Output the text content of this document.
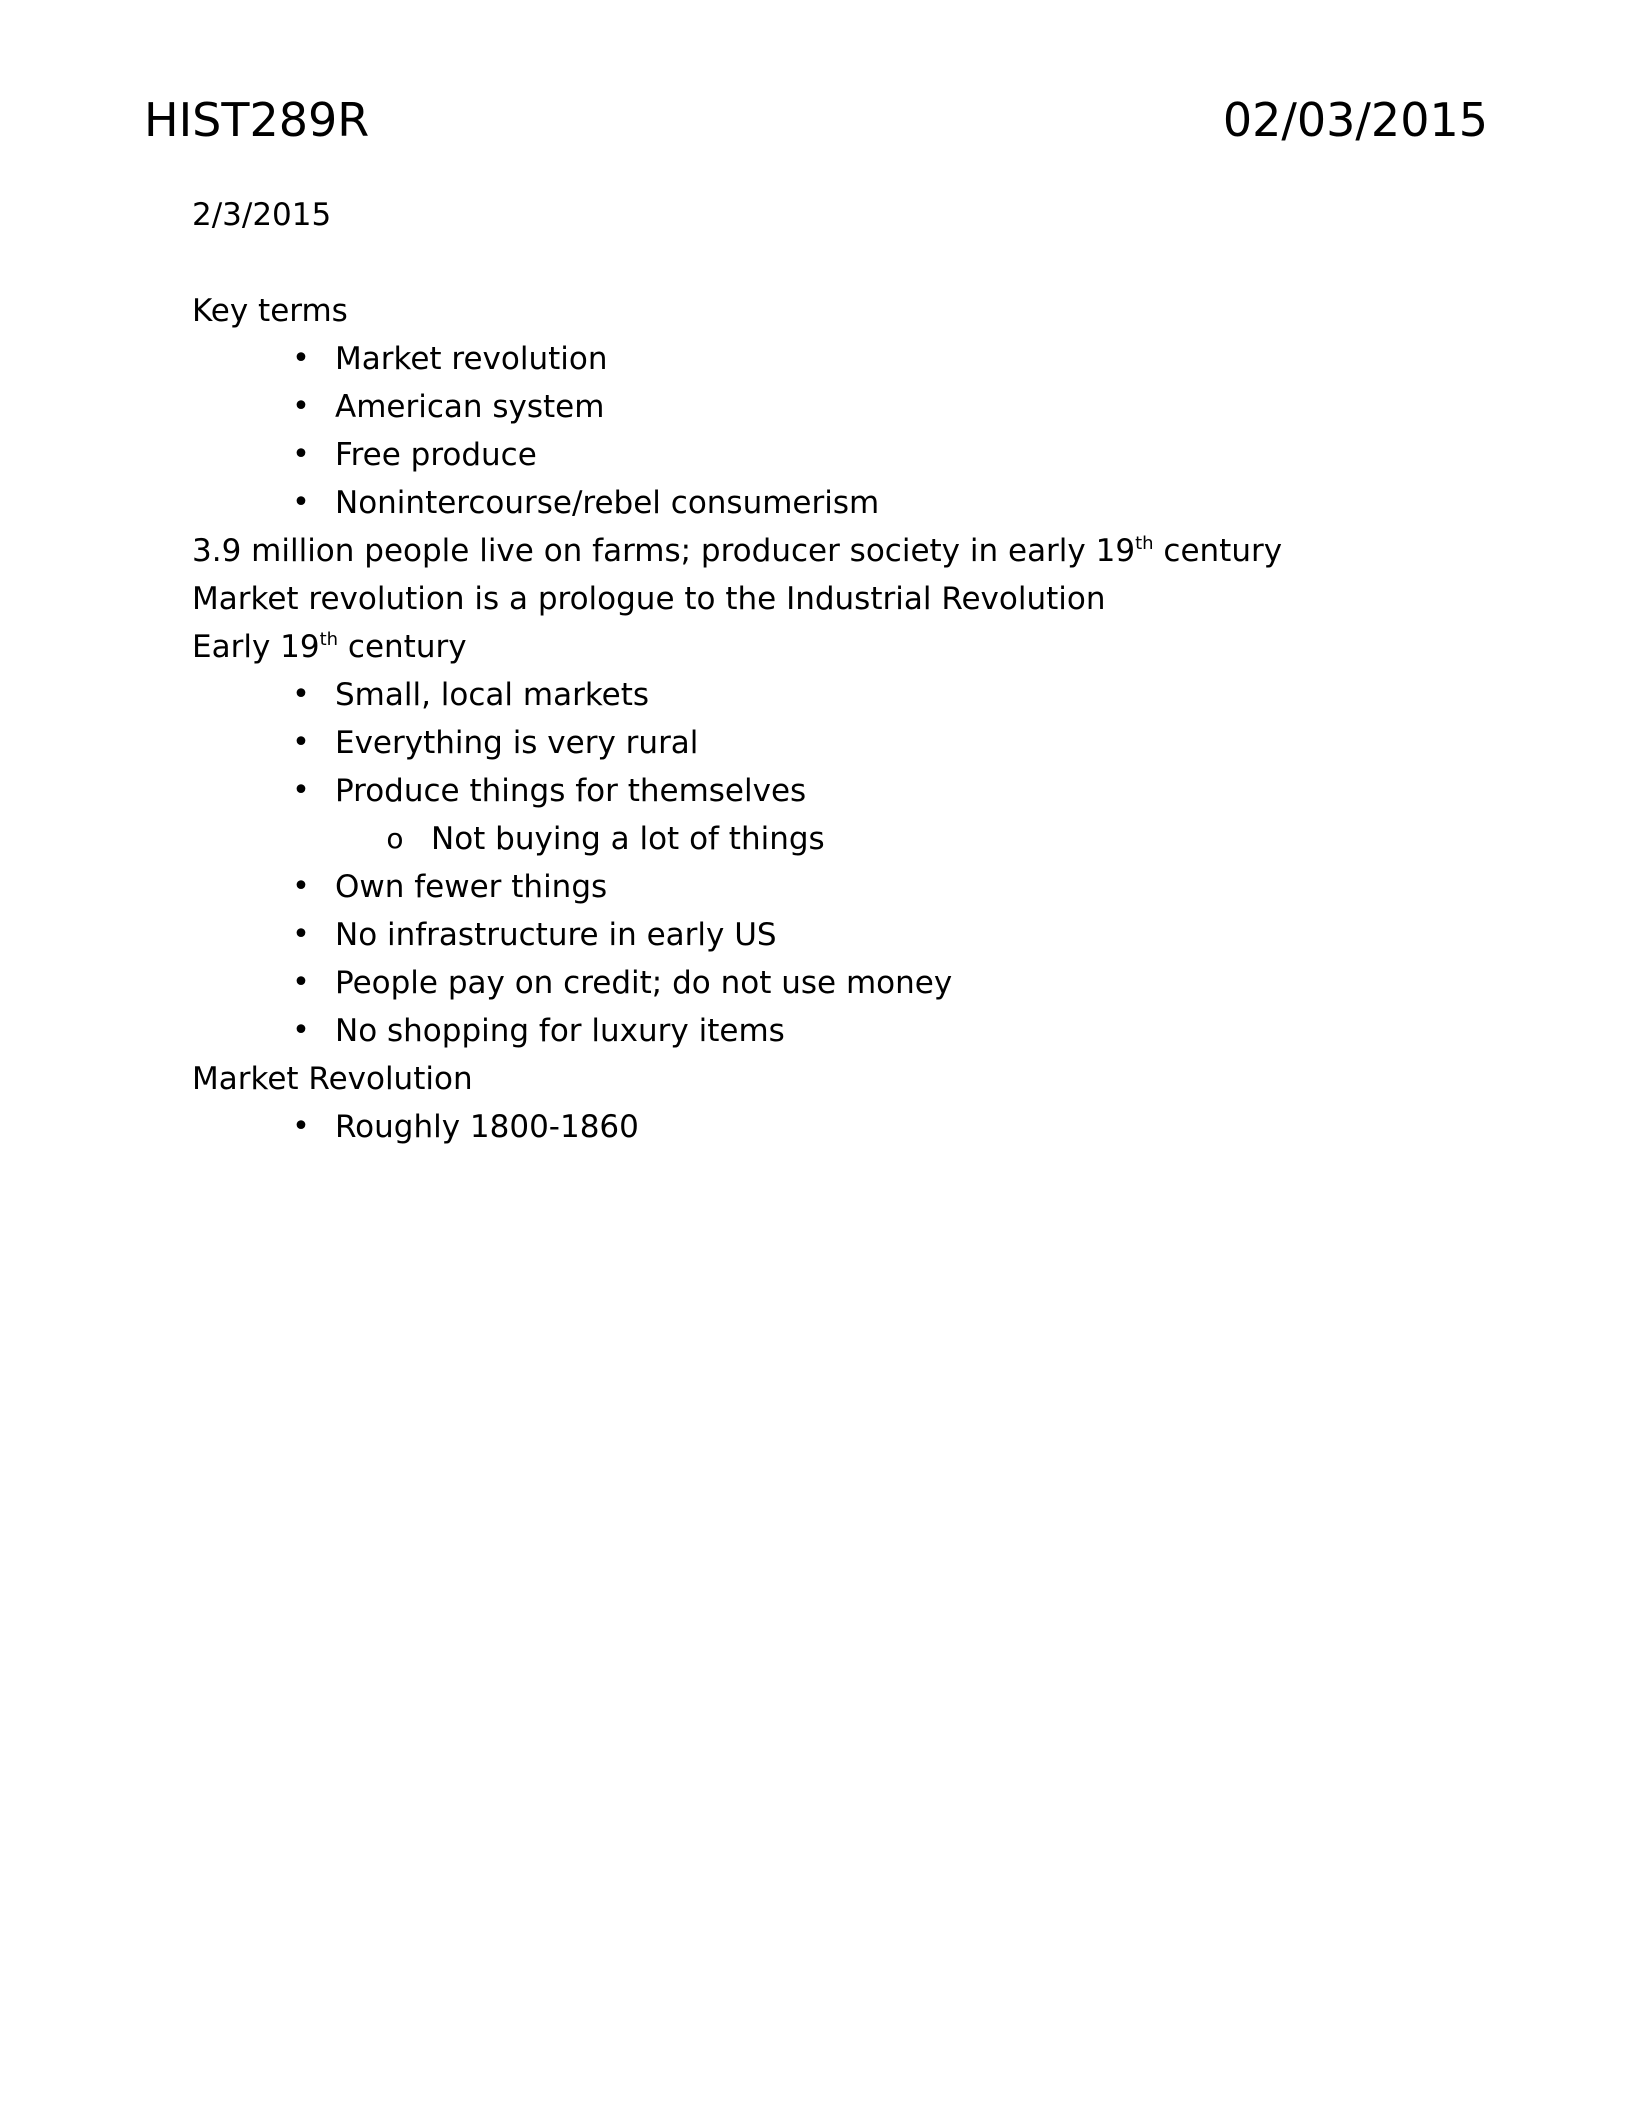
HIST289R	02/03/2015
2/3/2015
Key terms
• Market revolution
• American system
• Free produce
• Nonintercourse/rebel consumerism
3.9 million people live on farms; producer society in early 19th century
Market revolution is a prologue to the Industrial Revolution
Early 19th century
• Small, local markets
• Everything is very rural
• Produce things for themselves
o Not buying a lot of things
• Own fewer things
• No infrastructure in early US
• People pay on credit; do not use money
• No shopping for luxury items
Market Revolution
• Roughly 1800-1860
